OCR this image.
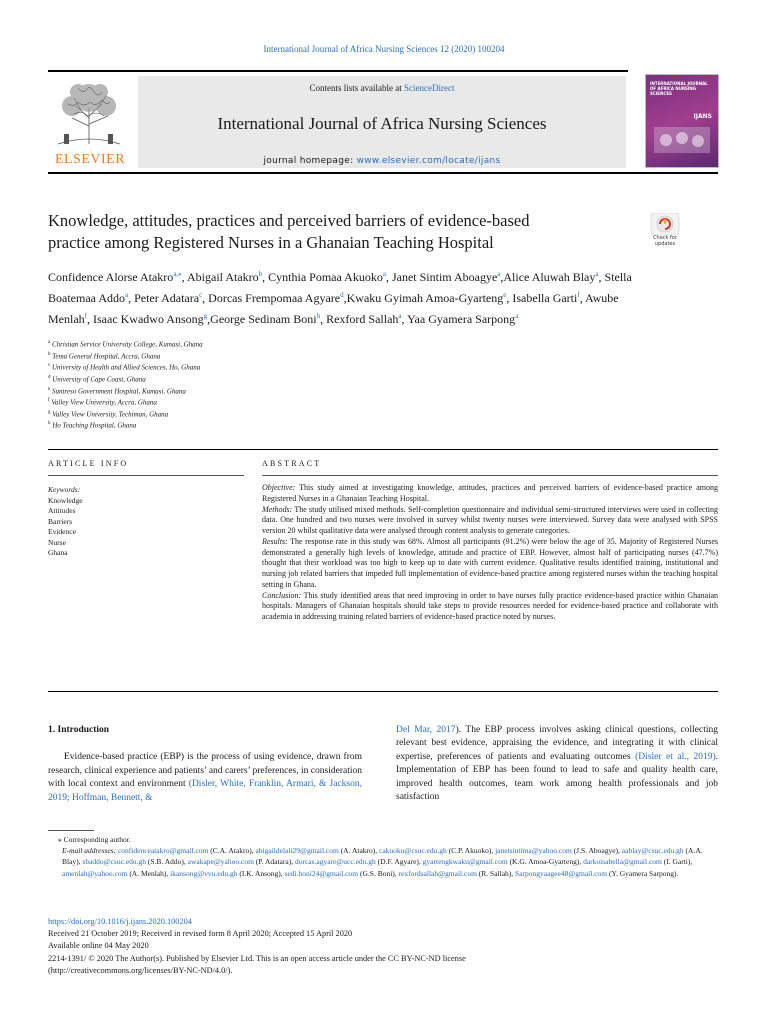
International Journal of Africa Nursing Sciences 12 (2020) 100204
ELSEVIER
Contents lists available at ScienceDirect
International Journal of Africa Nursing Sciences
journal homepage: www.elsevier.com/locate/ijans
INTERNATIONAL JOURNAL OF AFRICA NURSING SCIENCES
IJANS
Knowledge, attitudes, practices and perceived barriers of evidence-based
practice among Registered Nurses in a Ghanaian Teaching Hospital	Check for updates
Confidence Alorse Atakro$^{a,⁎}$, Abigail Atakro$^b$, Cynthia Pomaa Akuoko$^a$, Janet Sintim Aboagye$^a$,Alice Aluwah Blay$^a$, Stella Boatemaa Addo$^a$, Peter Adatara$^c$, Dorcas Frempomaa Agyare$^d$,Kwaku Gyimah Amoa-Gyarteng$^e$, Isabella Garti$^f$, Awube Menlah$^f$, Isaac Kwadwo Ansong$^g$,George Sedinam Boni$^h$, Rexford Sallah$^a$, Yaa Gyamera Sarpong$^a$
$^a$ Christian Service University College, Kumasi, Ghana
$^b$ Tema General Hospital, Accra, Ghana
$^c$ University of Health and Allied Sciences, Ho, Ghana
$^d$ University of Cape Coast, Ghana
$^e$ Suntreso Government Hospital, Kumasi, Ghana
$^f$ Valley View University, Accra, Ghana
$^g$ Valley View University, Techiman, Ghana
$^h$ Ho Teaching Hospital, Ghana
ARTICLE INFO	ABSTRACT
Keywords:
Knowledge
Attitudes
Barriers
Evidence
Nurse
Ghana

Objective: This study aimed at investigating knowledge, attitudes, practices and perceived barriers of evidence-based practice among Registered Nurses in a Ghanaian Teaching Hospital.

Methods: The study utilised mixed methods. Self-completion questionnaire and individual semi-structured interviews were used in collecting data. One hundred and two nurses were involved in survey whilst twenty nurses were interviewed. Survey data were analysed with SPSS version 20 whilst qualitative data were analysed through content analysis to generate categories.

Results: The response rate in this study was 68%. Almost all participants (91.2%) were below the age of 35. Majority of Registered Nurses demonstrated a generally high levels of knowledge, attitude and practice of EBP. However, almost half of participating nurses (47.7%) thought that their workload was too high to keep up to date with current evidence. Qualitative results identified training, institutional and nursing job related barriers that impeded full implementation of evidence-based practice among registered nurses within the teaching hospital setting in Ghana.

Conclusion: This study identified areas that need improving in order to have nurses fully practice evidence-based practice within Ghanaian hospitals. Managers of Ghanaian hospitals should take steps to provide resources needed for evidence-based practice and collaborate with academia in addressing training related barriers of evidence-based practice noted by nurses.

1. Introduction

Evidence-based practice (EBP) is the process of using evidence, drawn from research, clinical experience and patients’ and carers’ preferences, in consideration with local context and environment (Disler, White, Franklin, Armari, & Jackson, 2019; Hoffman, Bennett, &

Del Mar, 2017). The EBP process involves asking clinical questions, collecting relevant best evidence, appraising the evidence, and integrating it with clinical expertise, preferences of patients and evaluating outcomes (Disler et al., 2019). Implementation of EBP has been found to lead to safe and quality health care, improved health outcomes, team work among health professionals and job satisfaction

⁎ Corresponding author.

E-mail addresses: confidenceatakro@gmail.com (C.A. Atakro), abigaildelali29@gmail.com (A. Atakro), cakuoku@csuc.edu.gh (C.P. Akuoko), janetsintima@yahoo.com (J.S. Aboagye), aablay@csuc.edu.gh (A.A. Blay), sbaddo@csuc.edu.gh (S.B. Addo), awakape@yahoo.com (P. Adatara), dorcas.agyare@ucc.edu.gh (D.F. Agyare), gyartengkwaku@gmail.com (K.G. Amoa-Gyarteng), darkoisabella@gmail.com (I. Garti), amenlah@yahoo.com (A. Menlah), ikansong@vvu.edu.gh (I.K. Ansong), sedi.boni24@gmail.com (G.S. Boni), rexfordsallah@gmail.com (R. Sallah), Sarpongyaagee48@gmail.com (Y. Gyamera Sarpong).

https://doi.org/10.1016/j.ijans.2020.100204

Received 21 October 2019; Received in revised form 8 April 2020; Accepted 15 April 2020

Available online 04 May 2020

2214-1391/ © 2020 The Author(s). Published by Elsevier Ltd. This is an open access article under the CC BY-NC-ND license

(http://creativecommons.org/licenses/BY-NC-ND/4.0/).
